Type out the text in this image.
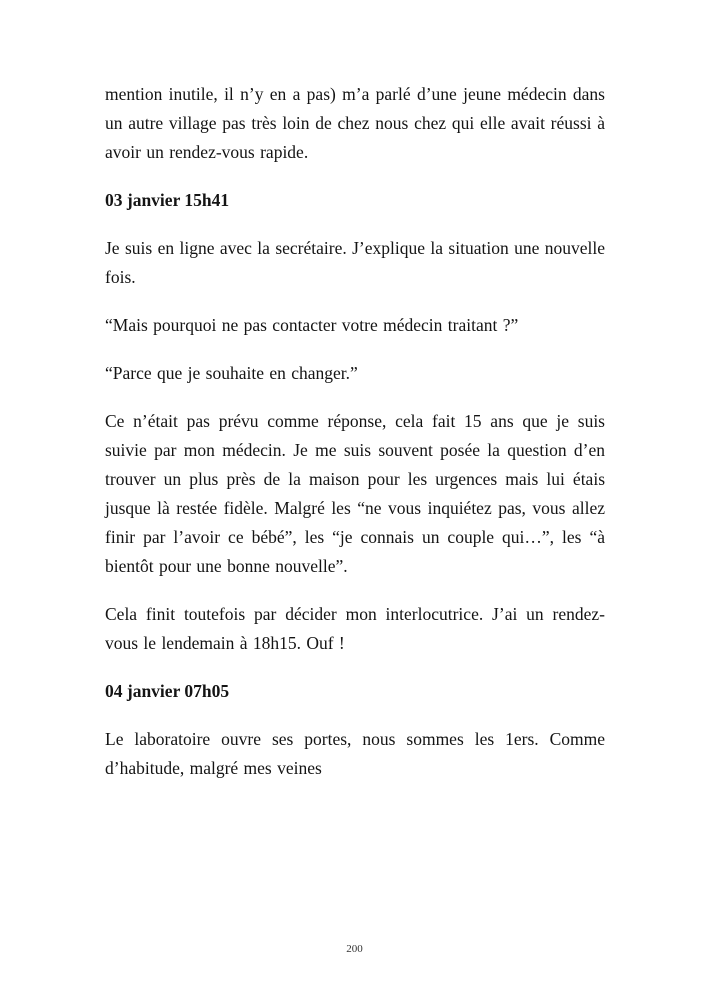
mention inutile, il n’y en a pas) m’a parlé d’une jeune médecin dans un autre village pas très loin de chez nous chez qui elle avait réussi à avoir un rendez-vous rapide.

03 janvier 15h41

Je suis en ligne avec la secrétaire. J’explique la situation une nouvelle fois.

“Mais pourquoi ne pas contacter votre médecin traitant ?”

“Parce que je souhaite en changer.”

Ce n’était pas prévu comme réponse, cela fait 15 ans que je suis suivie par mon médecin. Je me suis souvent posée la question d’en trouver un plus près de la maison pour les urgences mais lui étais jusque là restée fidèle. Malgré les “ne vous inquiétez pas, vous allez finir par l’avoir ce bébé”, les “je connais un couple qui…”, les “à bientôt pour une bonne nouvelle”.

Cela finit toutefois par décider mon interlocutrice. J’ai un rendez-vous le lendemain à 18h15. Ouf !

04 janvier 07h05

Le laboratoire ouvre ses portes, nous sommes les 1ers. Comme d’habitude, malgré mes veines

200
